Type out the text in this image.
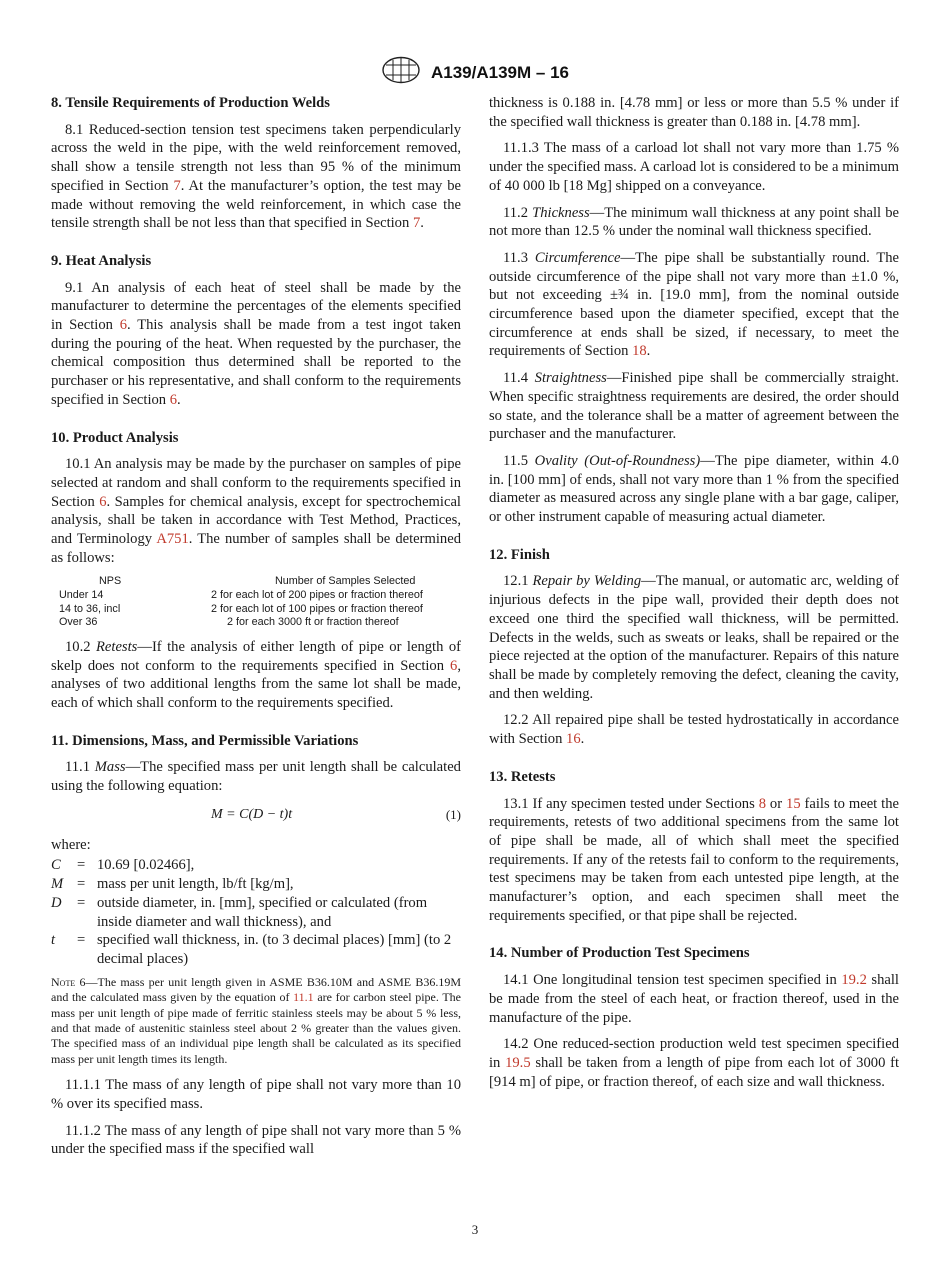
A139/A139M – 16
8. Tensile Requirements of Production Welds

8.1 Reduced-section tension test specimens taken perpendicularly across the weld in the pipe, with the weld reinforcement removed, shall show a tensile strength not less than 95 % of the minimum specified in Section 7. At the manufacturer’s option, the test may be made without removing the weld reinforcement, in which case the tensile strength shall be not less than that specified in Section 7.

9. Heat Analysis

9.1 An analysis of each heat of steel shall be made by the manufacturer to determine the percentages of the elements specified in Section 6. This analysis shall be made from a test ingot taken during the pouring of the heat. When requested by the purchaser, the chemical composition thus determined shall be reported to the purchaser or his representative, and shall conform to the requirements specified in Section 6.

10. Product Analysis

10.1 An analysis may be made by the purchaser on samples of pipe selected at random and shall conform to the requirements specified in Section 6. Samples for chemical analysis, except for spectrochemical analysis, shall be taken in accordance with Test Method, Practices, and Terminology A751. The number of samples shall be determined as follows:

NPS	Number of Samples Selected
Under 14	2 for each lot of 200 pipes or fraction thereof
14 to 36, incl	2 for each lot of 100 pipes or fraction thereof
Over 36	2 for each 3000 ft or fraction thereof

10.2 Retests—If the analysis of either length of pipe or length of skelp does not conform to the requirements specified in Section 6, analyses of two additional lengths from the same lot shall be made, each of which shall conform to the requirements specified.

11. Dimensions, Mass, and Permissible Variations

11.1 Mass—The specified mass per unit length shall be calculated using the following equation:

M = C(D − t)t	(1)
where:
C	= 10.69 [0.02466],
M = mass per unit length, lb/ft [kg/m],
D	= outside diameter, in. [mm], specified or calculated (from inside diameter and wall thickness), and
t	= specified wall thickness, in. (to 3 decimal places) [mm] (to 2 decimal places)
Note 6—The mass per unit length given in ASME B36.10M and ASME B36.19M and the calculated mass given by the equation of 11.1 are for carbon steel pipe. The mass per unit length of pipe made of ferritic stainless steels may be about 5 % less, and that made of austenitic stainless steel about 2 % greater than the values given. The specified mass of an individual pipe length shall be calculated as its specified mass per unit length times its length.

11.1.1 The mass of any length of pipe shall not vary more than 10 % over its specified mass.

11.1.2 The mass of any length of pipe shall not vary more than 5 % under the specified mass if the specified wall

thickness is 0.188 in. [4.78 mm] or less or more than 5.5 % under if the specified wall thickness is greater than 0.188 in. [4.78 mm].

11.1.3 The mass of a carload lot shall not vary more than 1.75 % under the specified mass. A carload lot is considered to be a minimum of 40 000 lb [18 Mg] shipped on a conveyance.

11.2 Thickness—The minimum wall thickness at any point shall be not more than 12.5 % under the nominal wall thickness specified.

11.3 Circumference—The pipe shall be substantially round. The outside circumference of the pipe shall not vary more than ±1.0 %, but not exceeding ±¾ in. [19.0 mm], from the nominal outside circumference based upon the diameter specified, except that the circumference at ends shall be sized, if necessary, to meet the requirements of Section 18.

11.4 Straightness—Finished pipe shall be commercially straight. When specific straightness requirements are desired, the order should so state, and the tolerance shall be a matter of agreement between the purchaser and the manufacturer.

11.5 Ovality (Out-of-Roundness)—The pipe diameter, within 4.0 in. [100 mm] of ends, shall not vary more than 1 % from the specified diameter as measured across any single plane with a bar gage, caliper, or other instrument capable of measuring actual diameter.

12. Finish

12.1 Repair by Welding—The manual, or automatic arc, welding of injurious defects in the pipe wall, provided their depth does not exceed one third the specified wall thickness, will be permitted. Defects in the welds, such as sweats or leaks, shall be repaired or the piece rejected at the option of the manufacturer. Repairs of this nature shall be made by completely removing the defect, cleaning the cavity, and then welding.

12.2 All repaired pipe shall be tested hydrostatically in accordance with Section 16.

13. Retests

13.1 If any specimen tested under Sections 8 or 15 fails to meet the requirements, retests of two additional specimens from the same lot of pipe shall be made, all of which shall meet the specified requirements. If any of the retests fail to conform to the requirements, test specimens may be taken from each untested pipe length, at the manufacturer’s option, and each specimen shall meet the requirements specified, or that pipe shall be rejected.

14. Number of Production Test Specimens

14.1 One longitudinal tension test specimen specified in 19.2 shall be made from the steel of each heat, or fraction thereof, used in the manufacture of the pipe.

14.2 One reduced-section production weld test specimen specified in 19.5 shall be taken from a length of pipe from each lot of 3000 ft [914 m] of pipe, or fraction thereof, of each size and wall thickness.

3
